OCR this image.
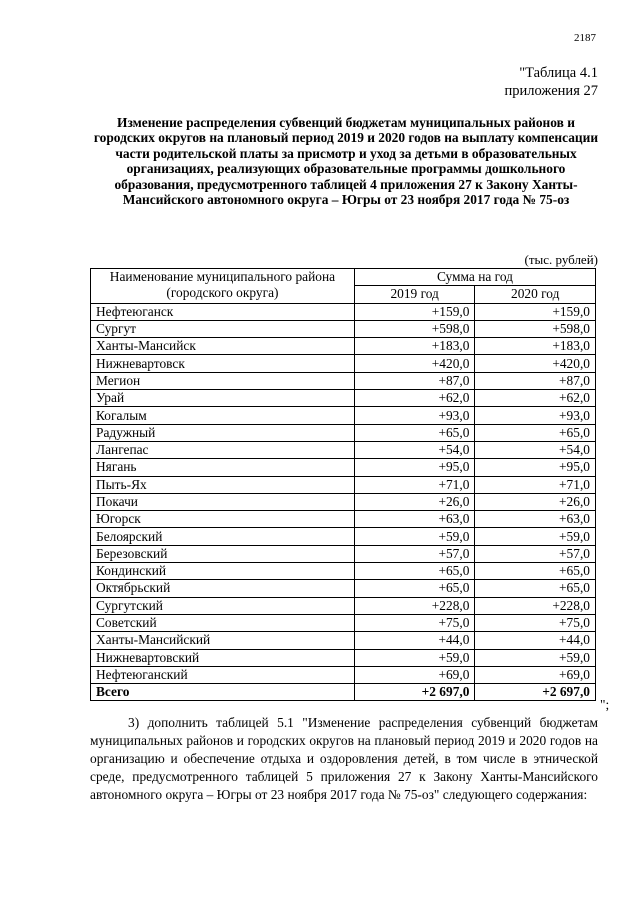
2187
"Таблица 4.1
приложения 27
Изменение распределения субвенций бюджетам муниципальных районов и городских округов на плановый период 2019 и 2020 годов на выплату компенсации части родительской платы за присмотр и уход за детьми в образовательных организациях, реализующих образовательные программы дошкольного образования, предусмотренного таблицей 4 приложения 27 к Закону Ханты-Мансийского автономного округа – Югры от 23 ноября 2017 года № 75-оз
(тыс. рублей)
Наименование муниципального района (городского округа)	Сумма на год	
	2019 год	2020 год
Нефтеюганск	+159,0	+159,0
Сургут	+598,0	+598,0
Ханты-Мансийск	+183,0	+183,0
Нижневартовск	+420,0	+420,0
Мегион	+87,0	+87,0
Урай	+62,0	+62,0
Когалым	+93,0	+93,0
Радужный	+65,0	+65,0
Лангепас	+54,0	+54,0
Нягань	+95,0	+95,0
Пыть-Ях	+71,0	+71,0
Покачи	+26,0	+26,0
Югорск	+63,0	+63,0
Белоярский	+59,0	+59,0
Березовский	+57,0	+57,0
Кондинский	+65,0	+65,0
Октябрьский	+65,0	+65,0
Сургутский	+228,0	+228,0
Советский	+75,0	+75,0
Ханты-Мансийский	+44,0	+44,0
Нижневартовский	+59,0	+59,0
Нефтеюганский	+69,0	+69,0
Всего	+2 697,0	+2 697,0
";
3) дополнить таблицей 5.1 "Изменение распределения субвенций бюджетам муниципальных районов и городских округов на плановый период 2019 и 2020 годов на организацию и обеспечение отдыха и оздоровления детей, в том числе в этнической среде, предусмотренного таблицей 5 приложения 27 к Закону Ханты-Мансийского автономного округа – Югры от 23 ноября 2017 года № 75-оз" следующего содержания:
